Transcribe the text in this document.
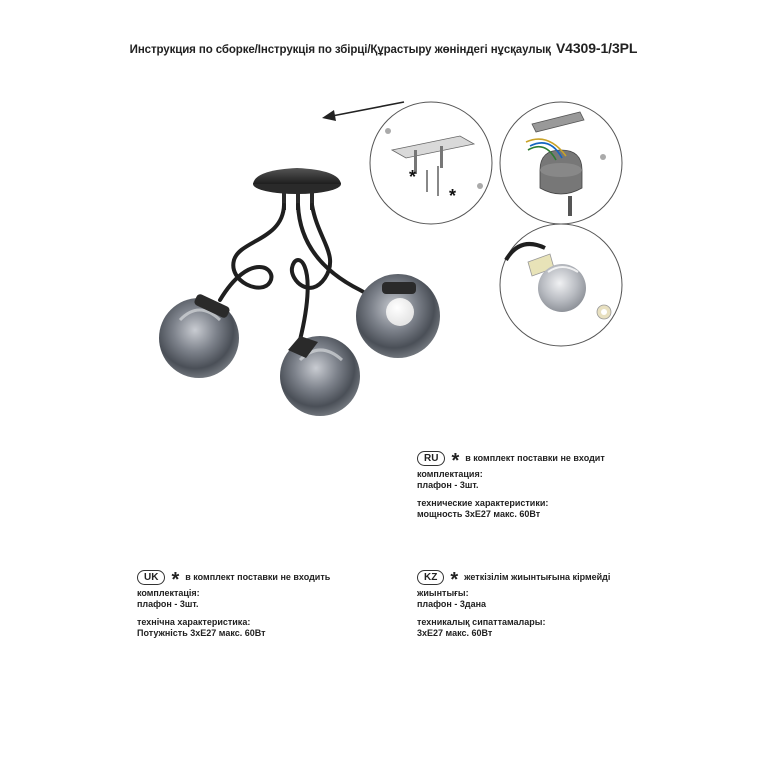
Инструкция по сборке/Інструкція по збірці/Құрастыру жөніндегі нұсқаулық V4309-1/3PL
*
*
RU * в комплект поставки не входит

комплектация:

плафон - 3шт.

технические характеристики:

мощность 3хЕ27 макс. 60Вт

UK * в комплект поставки не входить

комплектація:

плафон - 3шт.

технічна характеристика:

Потужність 3хЕ27 макс. 60Вт

KZ * жеткізілім жиынтығына кірмейді

жиынтығы:

плафон - 3дана

техникалық сипаттамалары:

3хЕ27 макс. 60Вт
